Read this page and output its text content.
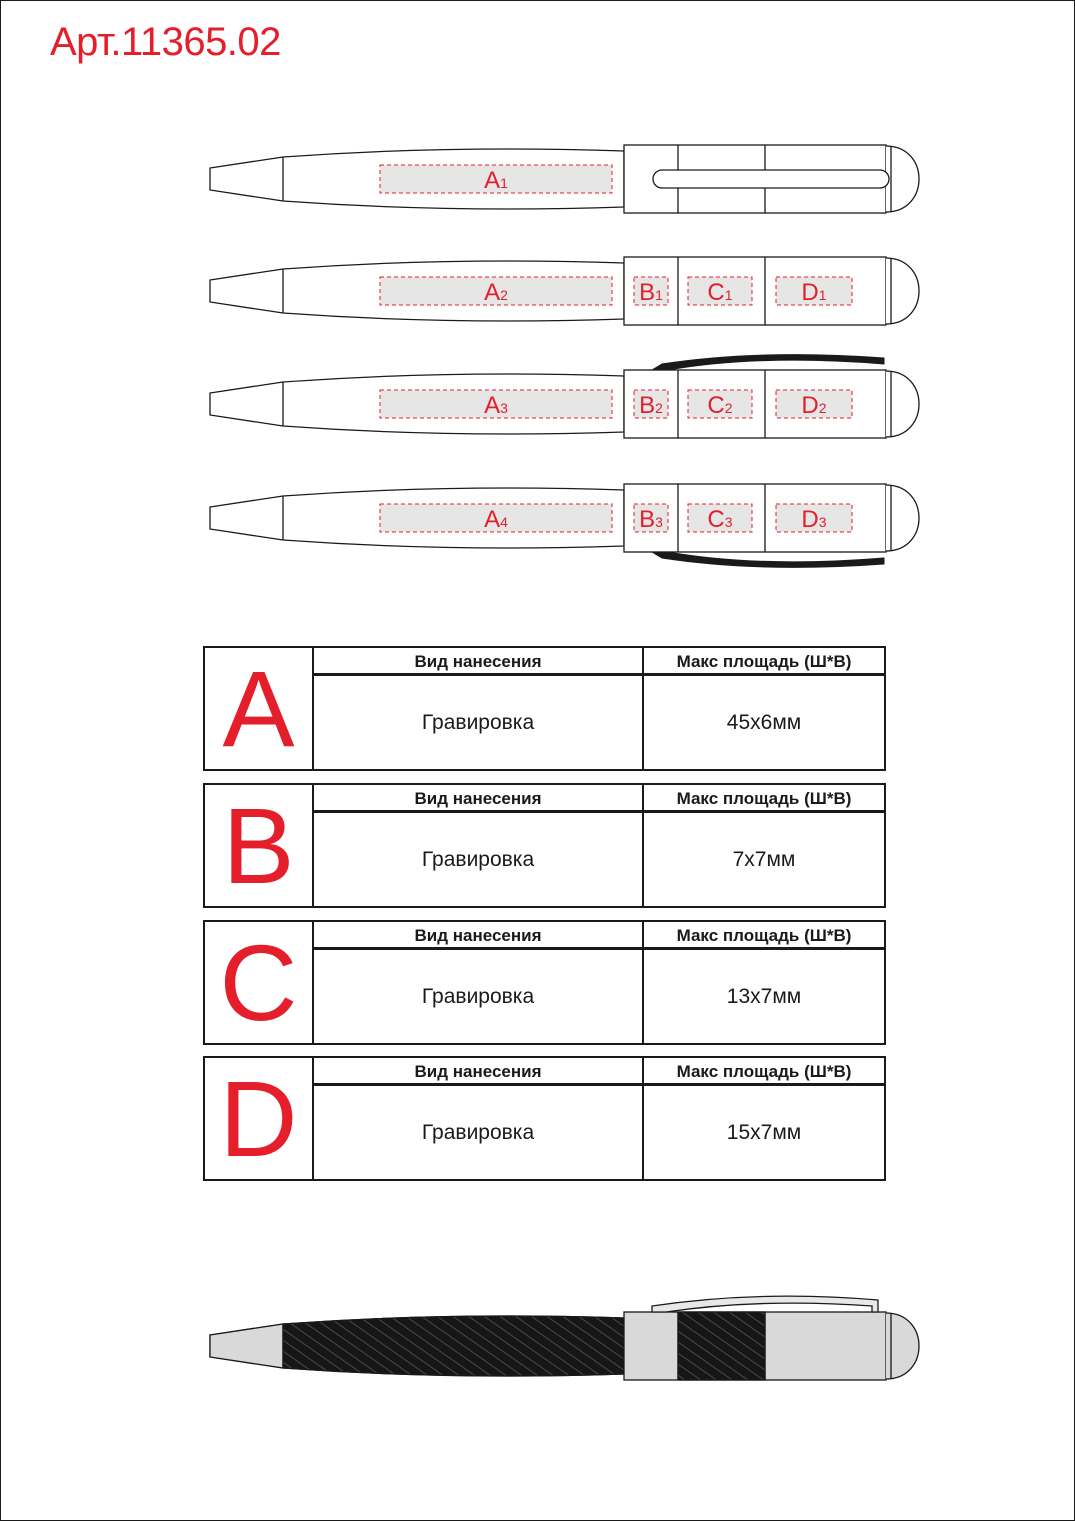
Арт.11365.02
A1
A2	B1 C1	D1
A3	B2 C2	D2
A4	B3 C3	D3
A	Вид нанесения	Макс площадь (Ш*В)
Гравировка	45х6мм
B	Вид нанесения	Макс площадь (Ш*В)
Гравировка	7х7мм
C	Вид нанесения	Макс площадь (Ш*В)
Гравировка	13х7мм
D	Вид нанесения	Макс площадь (Ш*В)
Гравировка	15х7мм
